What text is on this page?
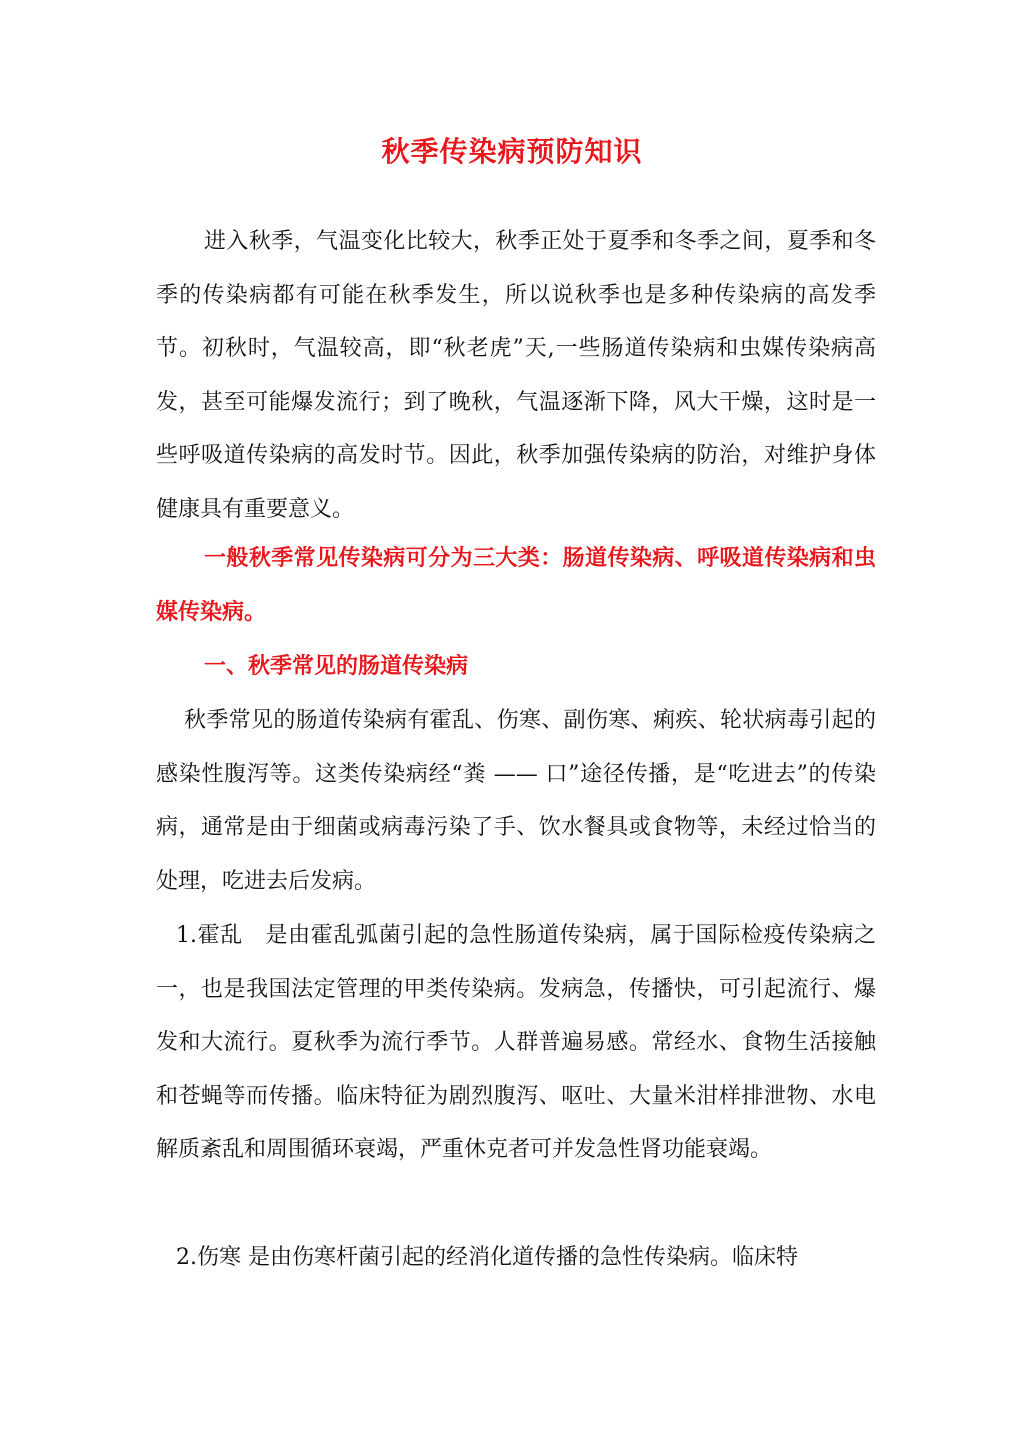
秋季传染病预防知识

进入秋季，气温变化比较大，秋季正处于夏季和冬季之间，夏季和冬季的传染病都有可能在秋季发生，所以说秋季也是多种传染病的高发季节。初秋时，气温较高，即“秋老虎”天,一些肠道传染病和虫媒传染病高发，甚至可能爆发流行；到了晚秋，气温逐渐下降，风大干燥，这时是一些呼吸道传染病的高发时节。因此，秋季加强传染病的防治，对维护身体健康具有重要意义。

一般秋季常见传染病可分为三大类：肠道传染病、呼吸道传染病和虫媒传染病。

一、秋季常见的肠道传染病

秋季常见的肠道传染病有霍乱、伤寒、副伤寒、痢疾、轮状病毒引起的感染性腹泻等。这类传染病经“粪 —— 口”途径传播，是“吃进去”的传染病，通常是由于细菌或病毒污染了手、饮水餐具或食物等，未经过恰当的处理，吃进去后发病。

1.霍乱　是由霍乱弧菌引起的急性肠道传染病，属于国际检疫传染病之一，也是我国法定管理的甲类传染病。发病急，传播快，可引起流行、爆发和大流行。夏秋季为流行季节。人群普遍易感。常经水、食物生活接触和苍蝇等而传播。临床特征为剧烈腹泻、呕吐、大量米泔样排泄物、水电解质紊乱和周围循环衰竭，严重休克者可并发急性肾功能衰竭。

2.伤寒 是由伤寒杆菌引起的经消化道传播的急性传染病。临床特
